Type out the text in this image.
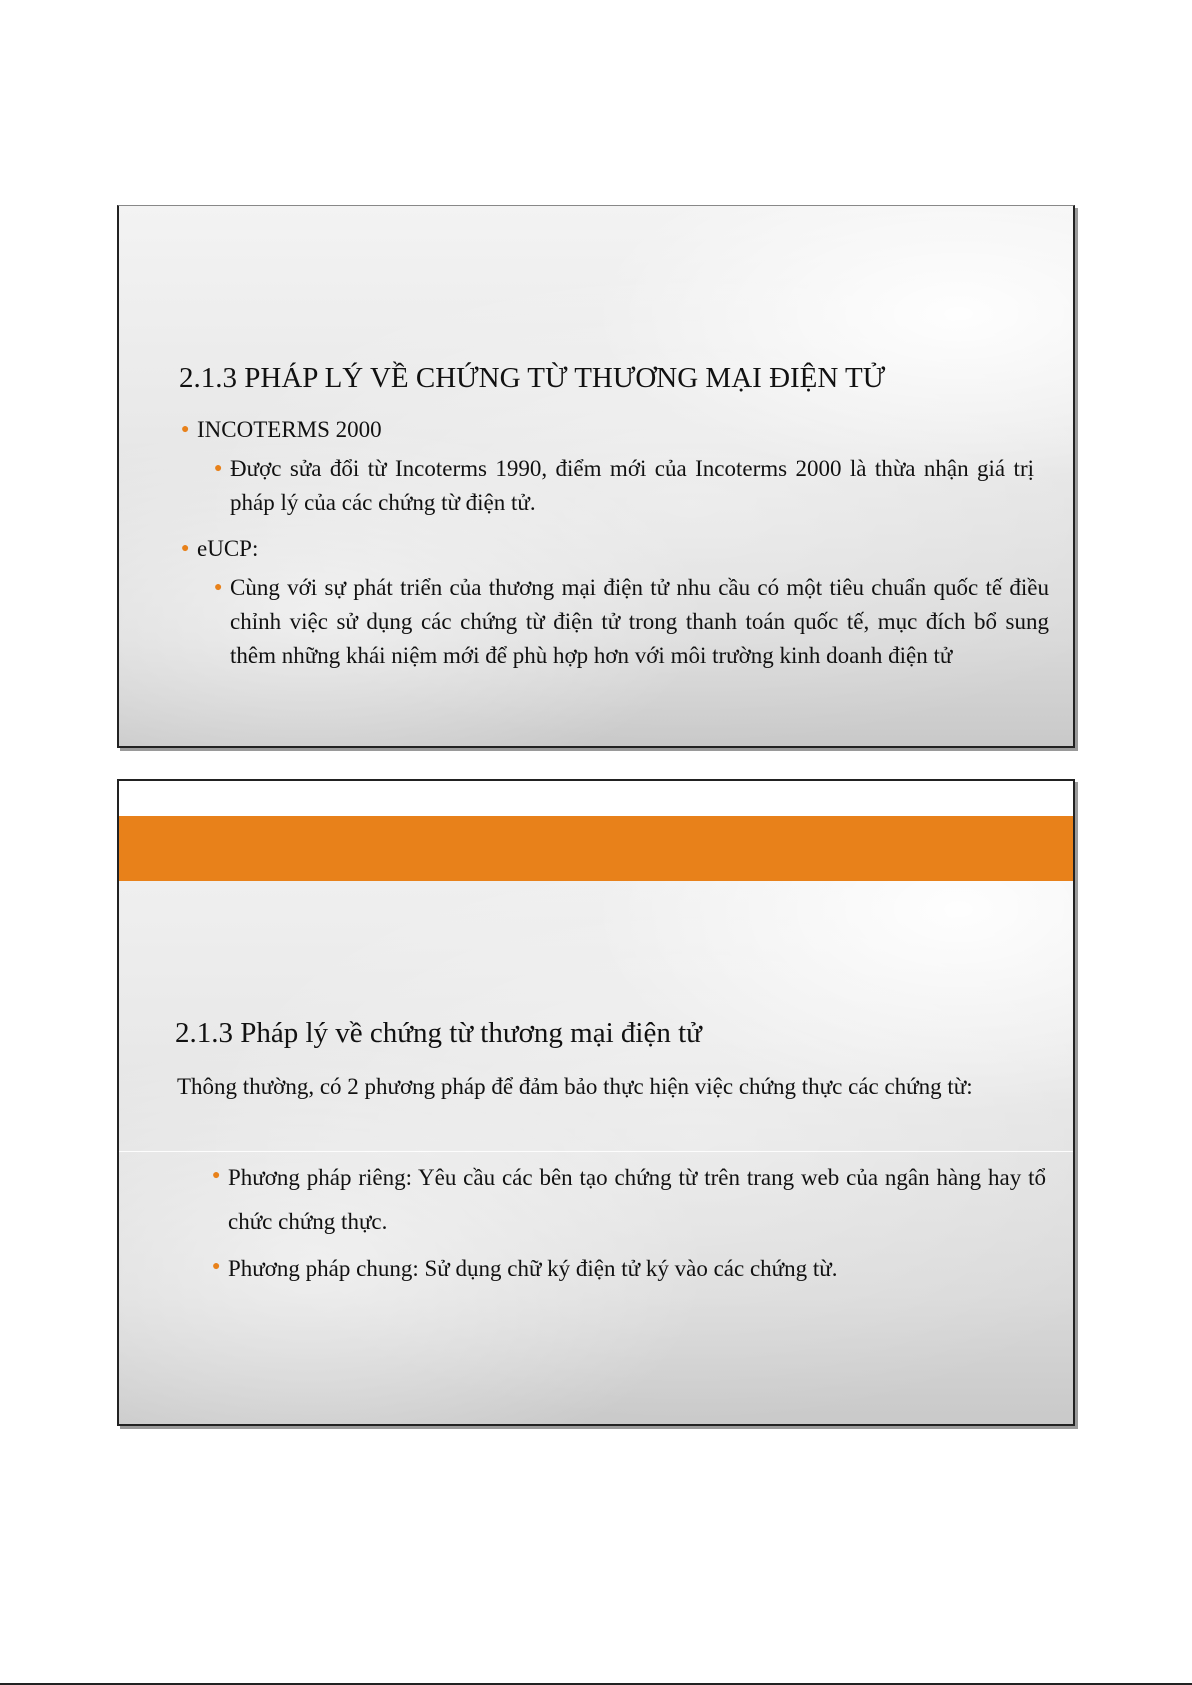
2.1.3 PHÁP LÝ VỀ CHỨNG TỪ THƯƠNG MẠI ĐIỆN TỬ
● INCOTERMS 2000
● Được sửa đổi từ Incoterms 1990, điểm mới của Incoterms 2000 là thừa nhận giá trị pháp lý của các chứng từ điện tử.
● eUCP:
● Cùng với sự phát triển của thương mại điện tử nhu cầu có một tiêu chuẩn quốc tế điều chỉnh việc sử dụng các chứng từ điện tử trong thanh toán quốc tế, mục đích bổ sung thêm những khái niệm mới để phù hợp hơn với môi trường kinh doanh điện tử
2.1.3 Pháp lý về chứng từ thương mại điện tử
Thông thường, có 2 phương pháp để đảm bảo thực hiện việc chứng thực các chứng từ:
● Phương pháp riêng: Yêu cầu các bên tạo chứng từ trên trang web của ngân hàng hay tổ chức chứng thực.
● Phương pháp chung: Sử dụng chữ ký điện tử ký vào các chứng từ.
